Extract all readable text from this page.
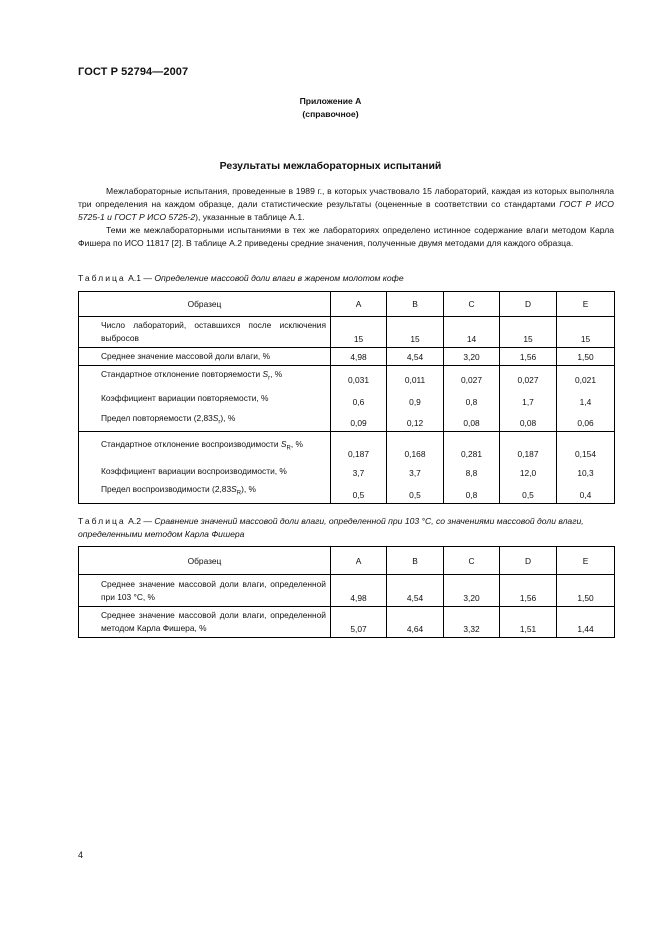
ГОСТ Р 52794—2007
Приложение А
(справочное)
Результаты межлабораторных испытаний
Межлабораторные испытания, проведенные в 1989 г., в которых участвовало 15 лабораторий, каждая из которых выполняла три определения на каждом образце, дали статистические результаты (оцененные в соответствии со стандартами ГОСТ Р ИСО 5725-1 и ГОСТ Р ИСО 5725-2), указанные в таблице А.1.
Теми же межлабораторными испытаниями в тех же лабораториях определено истинное содержание влаги методом Карла Фишера по ИСО 11817 [2]. В таблице А.2 приведены средние значения, полученные двумя методами для каждого образца.
Таблица А.1 — Определение массовой доли влаги в жареном молотом кофе
Образец	A	B	C	D	E
Число лабораторий, оставшихся после исключения выбросов	15	15	14	15	15
Среднее значение массовой доли влаги, %	4,98	4,54	3,20	1,56	1,50
Стандартное отклонение повторяемости $S_r$, %	0,031	0,011	0,027	0,027	0,021
Коэффициент вариации повторяемости, %	0,6	0,9	0,8	1,7	1,4
Предел повторяемости $(2,83S_r)$, %	0,09	0,12	0,08	0,08	0,06
Стандартное отклонение воспроизводимости $S_R$, %	0,187	0,168	0,281	0,187	0,154
Коэффициент вариации воспроизводимости, %	3,7	3,7	8,8	12,0	10,3
Предел воспроизводимости $(2,83S_R)$, %	0,5	0,5	0,8	0,5	0,4
Таблица А.2 — Сравнение значений массовой доли влаги, определенной при 103 °С, со значениями массовой доли влаги, определенными методом Карла Фишера
Образец	A	B	C	D	E
Среднее значение массовой доли влаги, определенной при 103 °С, %	4,98	4,54	3,20	1,56	1,50
Среднее значение массовой доли влаги, определенной методом Карла Фишера, %	5,07	4,64	3,32	1,51	1,44
4
